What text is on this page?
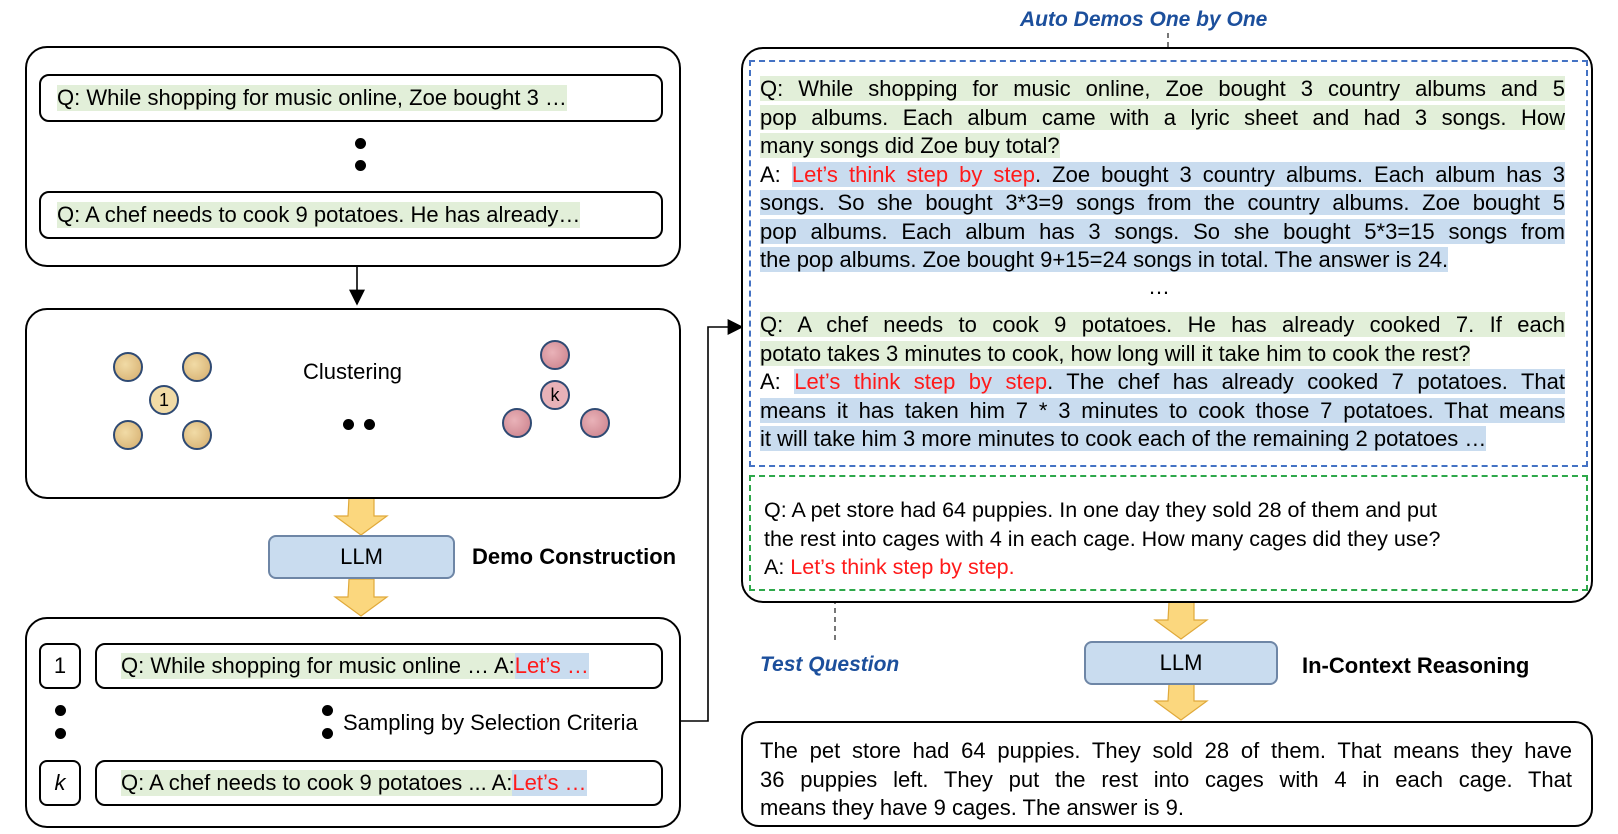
Q: While shopping for music online, Zoe bought 3 …
Q: A chef needs to cook 9 potatoes. He has already…
1
Clustering
k
LLM	Demo Construction
1	Q: While shopping for music online … A: Let’s …
Sampling by Selection Criteria
k	Q: A chef needs to cook 9 potatoes ... A: Let’s …
Auto Demos One by One
Q: While shopping for music online, Zoe bought 3 country albums and 5
pop albums. Each album came with a lyric sheet and had 3 songs. How
many songs did Zoe buy total?
A: Let’s think step by step. Zoe bought 3 country albums. Each album has 3
songs. So she bought 3*3=9 songs from the country albums. Zoe bought 5
pop albums. Each album has 3 songs. So she bought 5*3=15 songs from
the pop albums. Zoe bought 9+15=24 songs in total. The answer is 24.
…
Q: A chef needs to cook 9 potatoes. He has already cooked 7. If each
potato takes 3 minutes to cook, how long will it take him to cook the rest?
A: Let’s think step by step. The chef has already cooked 7 potatoes. That
means it has taken him 7 * 3 minutes to cook those 7 potatoes. That means
it will take him 3 more minutes to cook each of the remaining 2 potatoes …
Q: A pet store had 64 puppies. In one day they sold 28 of them and put
the rest into cages with 4 in each cage. How many cages did they use?
A: Let’s think step by step.
Test Question	LLM	In-Context Reasoning
The pet store had 64 puppies. They sold 28 of them. That means they have
36 puppies left. They put the rest into cages with 4 in each cage. That
means they have 9 cages. The answer is 9.
